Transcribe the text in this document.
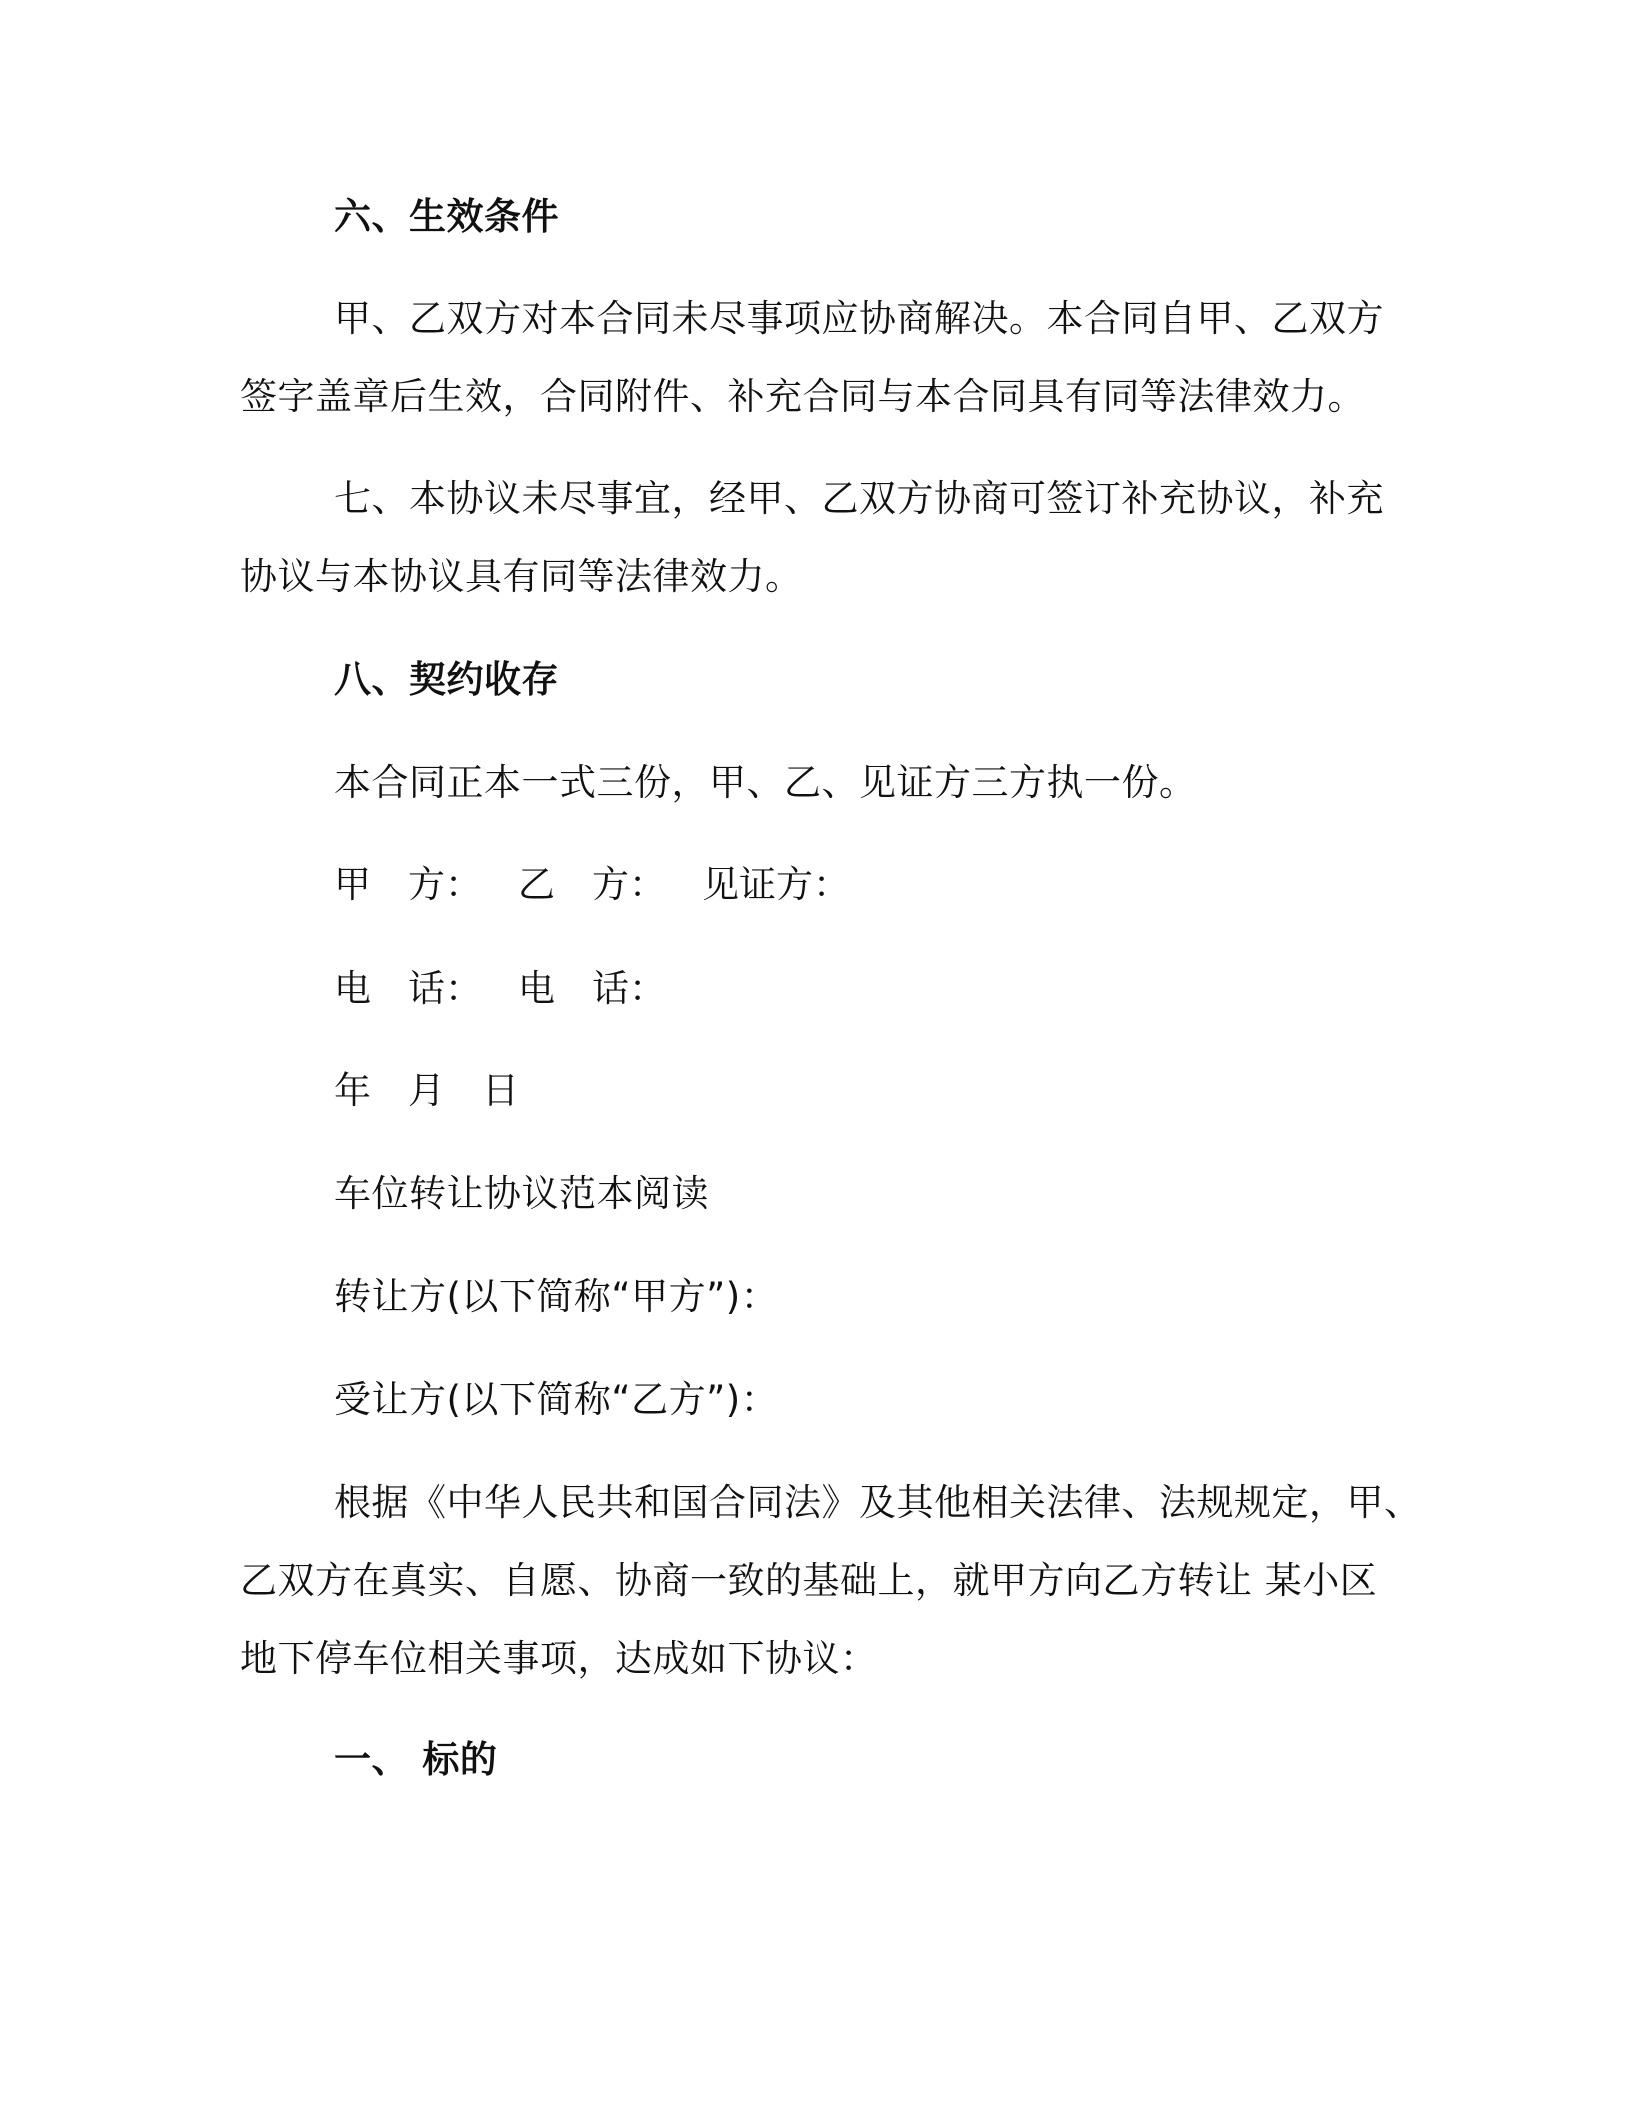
六、生效条件
甲、乙双方对本合同未尽事项应协商解决。本合同自甲、乙双方
签字盖章后生效，合同附件、补充合同与本合同具有同等法律效力。
七、本协议未尽事宜，经甲、乙双方协商可签订补充协议，补充
协议与本协议具有同等法律效力。
八、契约收存
本合同正本一式三份，甲、乙、见证方三方执一份。
甲　方： 乙　方： 见证方：
电　话： 电　话：
年 月 日
车位转让协议范本阅读
转让方(以下简称“甲方”)：
受让方(以下简称“乙方”)：
根据《中华人民共和国合同法》及其他相关法律、法规规定，甲、
乙双方在真实、自愿、协商一致的基础上，就甲方向乙方转让 某小区
地下停车位相关事项，达成如下协议：
一、 标的
